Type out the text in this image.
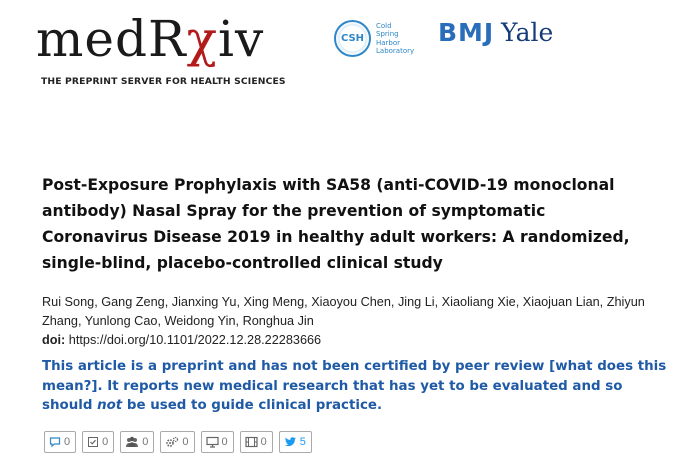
medRχiv
THE PREPRINT SERVER FOR HEALTH SCIENCES
CSH
Cold
Spring
Harbor
Laboratory
BMJ Yale
Post-Exposure Prophylaxis with SA58 (anti-COVID-19 monoclonal antibody) Nasal Spray for the prevention of symptomatic Coronavirus Disease 2019 in healthy adult workers: A randomized, single-blind, placebo-controlled clinical study
Rui Song, Gang Zeng, Jianxing Yu, Xing Meng, Xiaoyou Chen, Jing Li, Xiaoliang Xie, Xiaojuan Lian, Zhiyun Zhang, Yunlong Cao, Weidong Yin, Ronghua Jin
doi: https://doi.org/10.1101/2022.12.28.22283666
This article is a preprint and has not been certified by peer review [what does this mean?]. It reports new medical research that has yet to be evaluated and so should not be used to guide clinical practice.
0	0	0	0	0	0	5
